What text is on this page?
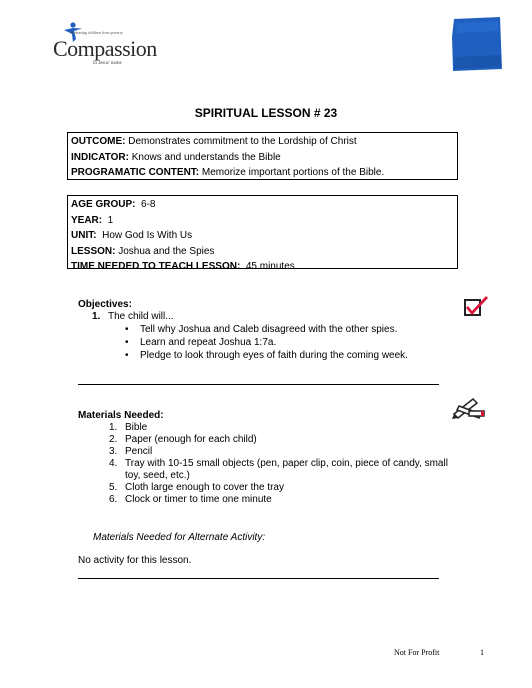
Releasing children from poverty
Compassion
in Jesus' name
SPIRITUAL LESSON # 23
OUTCOME: Demonstrates commitment to the Lordship of Christ
INDICATOR: Knows and understands the Bible
PROGRAMATIC CONTENT: Memorize important portions of the Bible.
AGE GROUP:  6-8
YEAR:  1
UNIT:  How God Is With Us
LESSON: Joshua and the Spies
TIME NEEDED TO TEACH LESSON:  45 minutes
Objectives:
1. The child will...
• Tell why Joshua and Caleb disagreed with the other spies.
• Learn and repeat Joshua 1:7a.
• Pledge to look through eyes of faith during the coming week.
Materials Needed:
1. Bible
2. Paper (enough for each child)
3. Pencil
4. Tray with 10-15 small objects (pen, paper clip, coin, piece of candy, small toy, seed, etc.)
5. Cloth large enough to cover the tray
6. Clock or timer to time one minute
Materials Needed for Alternate Activity:
No activity for this lesson.
Not For Profit	1
